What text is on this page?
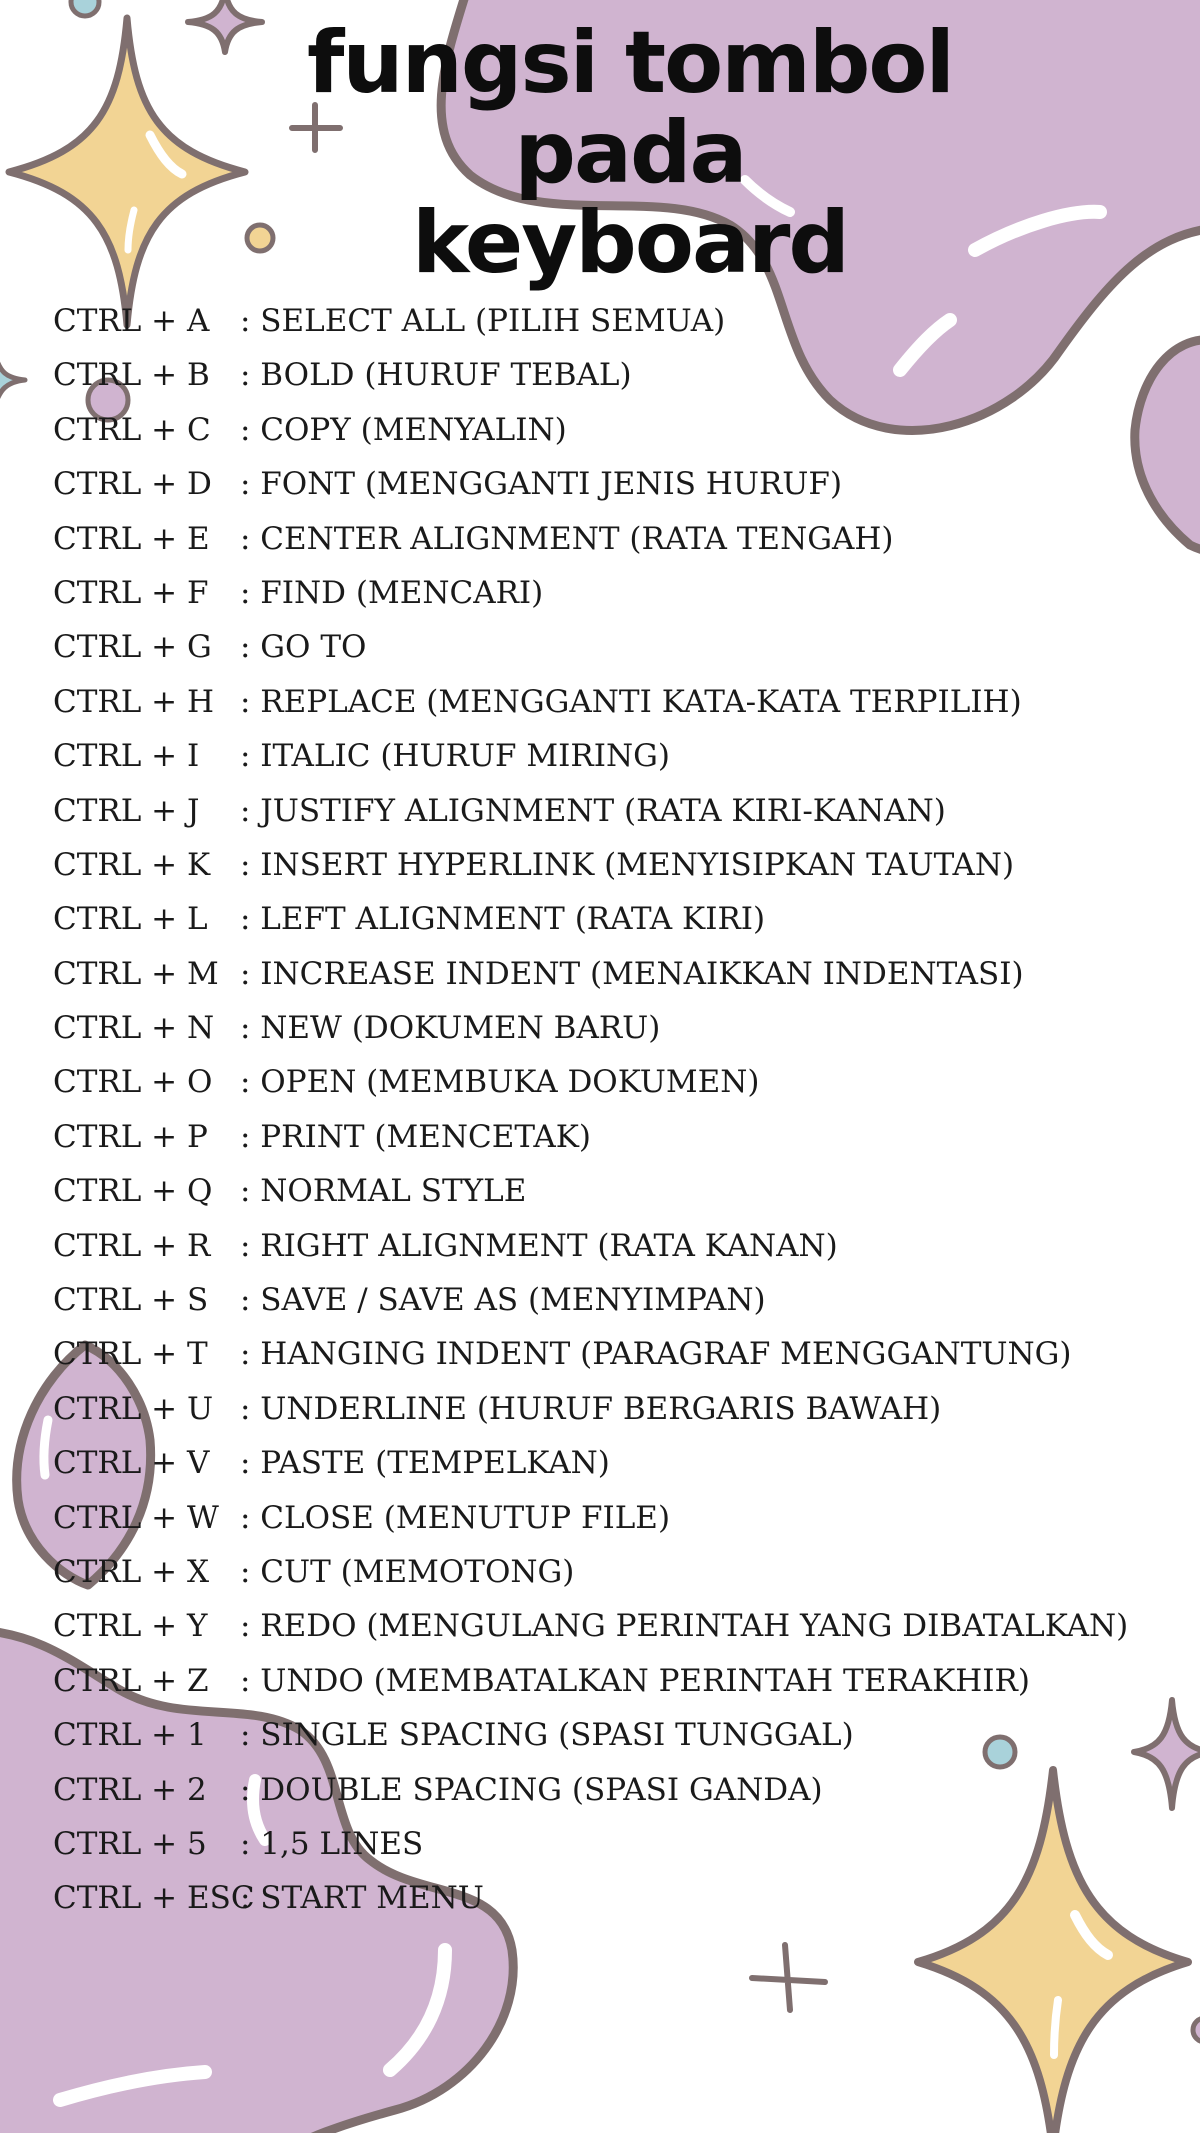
fungsi tombol pada
keyboard
CTRL + A : SELECT ALL (PILIH SEMUA)
CTRL + B : BOLD (HURUF TEBAL)
CTRL + C : COPY (MENYALIN)
CTRL + D : FONT (MENGGANTI JENIS HURUF)
CTRL + E : CENTER ALIGNMENT (RATA TENGAH)
CTRL + F : FIND (MENCARI)
CTRL + G : GO TO
CTRL + H : REPLACE (MENGGANTI KATA-KATA TERPILIH)
CTRL + I : ITALIC (HURUF MIRING)
CTRL + J : JUSTIFY ALIGNMENT (RATA KIRI-KANAN)
CTRL + K : INSERT HYPERLINK (MENYISIPKAN TAUTAN)
CTRL + L : LEFT ALIGNMENT (RATA KIRI)
CTRL + M : INCREASE INDENT (MENAIKKAN INDENTASI)
CTRL + N : NEW (DOKUMEN BARU)
CTRL + O : OPEN (MEMBUKA DOKUMEN)
CTRL + P : PRINT (MENCETAK)
CTRL + Q : NORMAL STYLE
CTRL + R : RIGHT ALIGNMENT (RATA KANAN)
CTRL + S : SAVE / SAVE AS (MENYIMPAN)
CTRL + T : HANGING INDENT (PARAGRAF MENGGANTUNG)
CTRL + U : UNDERLINE (HURUF BERGARIS BAWAH)
CTRL + V : PASTE (TEMPELKAN)
CTRL + W : CLOSE (MENUTUP FILE)
CTRL + X : CUT (MEMOTONG)
CTRL + Y : REDO (MENGULANG PERINTAH YANG DIBATALKAN)
CTRL + Z : UNDO (MEMBATALKAN PERINTAH TERAKHIR)
CTRL + 1 : SINGLE SPACING (SPASI TUNGGAL)
CTRL + 2 : DOUBLE SPACING (SPASI GANDA)
CTRL + 5 : 1,5 LINES
CTRL + ESC
: START MENU
